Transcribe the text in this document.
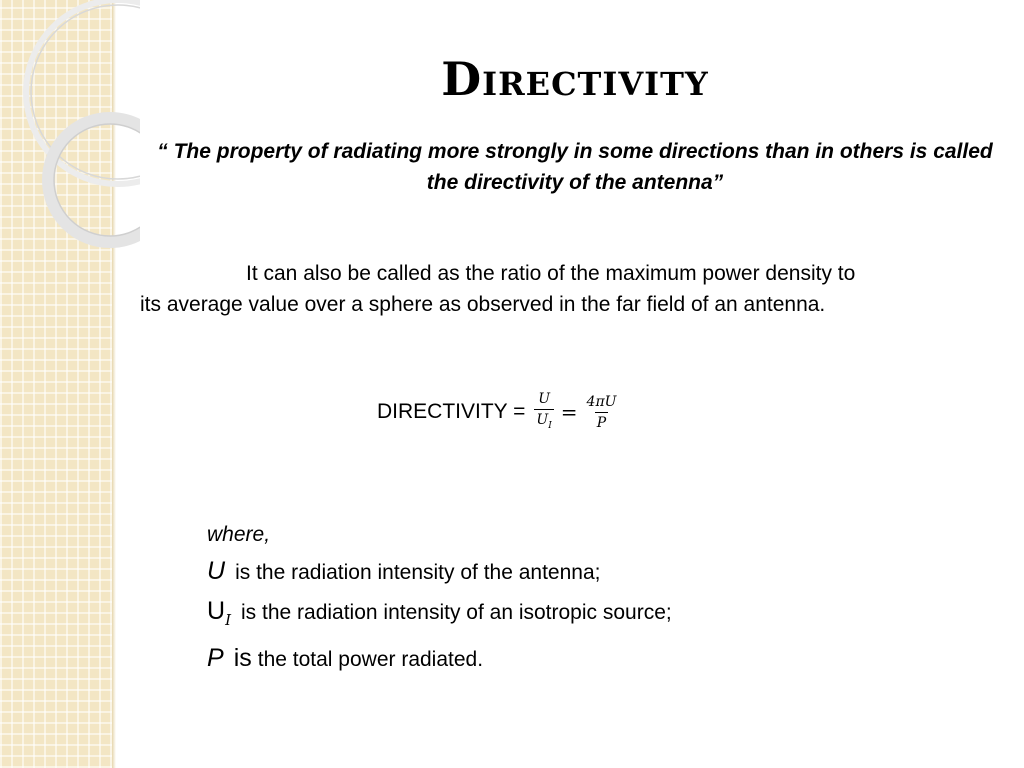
Directivity
“ The property of radiating more strongly in some directions than in others is called the directivity of the antenna”
It can also be called as the ratio of the maximum power density to
its average value over a sphere as observed in the far field of an antenna.
DIRECTIVITY = $\frac{U}{U_I} = \frac{4\pi U}{P}$
where,
U is the radiation intensity of the antenna;
$U_I$ is the radiation intensity of an isotropic source;
P is the total power radiated.
